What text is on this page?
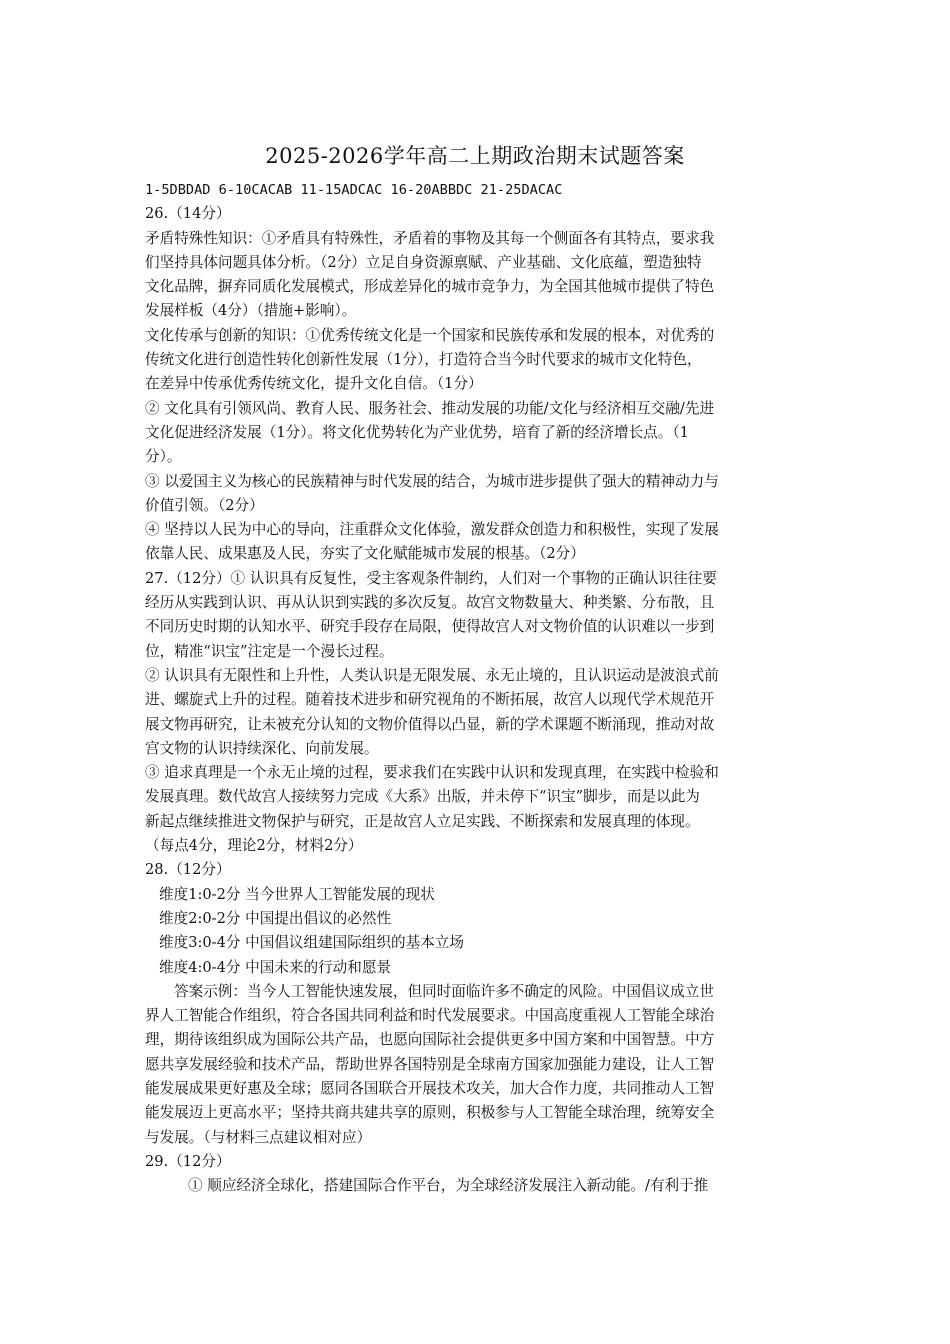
2025-2026学年高二上期政治期末试题答案
1-5DBDAD 6-10CACAB 11-15ADCAC 16-20ABBDC 21-25DACAC
26.（14分）
矛盾特殊性知识：①矛盾具有特殊性，矛盾着的事物及其每一个侧面各有其特点，要求我
们坚持具体问题具体分析。（2分）立足自身资源禀赋、产业基础、文化底蕴，塑造独特
文化品牌，摒弃同质化发展模式，形成差异化的城市竞争力，为全国其他城市提供了特色
发展样板（4分）（措施+影响）。
文化传承与创新的知识：①优秀传统文化是一个国家和民族传承和发展的根本，对优秀的
传统文化进行创造性转化创新性发展（1分），打造符合当今时代要求的城市文化特色，
在差异中传承优秀传统文化，提升文化自信。（1分）
② 文化具有引领风尚、教育人民、服务社会、推动发展的功能/文化与经济相互交融/先进
文化促进经济发展（1分）。将文化优势转化为产业优势，培育了新的经济增长点。（1
分）。
③ 以爱国主义为核心的民族精神与时代发展的结合，为城市进步提供了强大的精神动力与
价值引领。（2分）
④ 坚持以人民为中心的导向，注重群众文化体验，激发群众创造力和积极性，实现了发展
依靠人民、成果惠及人民，夯实了文化赋能城市发展的根基。（2分）
27.（12分）① 认识具有反复性，受主客观条件制约，人们对一个事物的正确认识往往要
经历从实践到认识、再从认识到实践的多次反复。故宫文物数量大、种类繁、分布散，且
不同历史时期的认知水平、研究手段存在局限，使得故宫人对文物价值的认识难以一步到
位，精准“识宝”注定是一个漫长过程。
② 认识具有无限性和上升性，人类认识是无限发展、永无止境的，且认识运动是波浪式前
进、螺旋式上升的过程。随着技术进步和研究视角的不断拓展，故宫人以现代学术规范开
展文物再研究，让未被充分认知的文物价值得以凸显，新的学术课题不断涌现，推动对故
宫文物的认识持续深化、向前发展。
③ 追求真理是一个永无止境的过程，要求我们在实践中认识和发现真理，在实践中检验和
发展真理。数代故宫人接续努力完成《大系》出版，并未停下“识宝”脚步，而是以此为
新起点继续推进文物保护与研究，正是故宫人立足实践、不断探索和发展真理的体现。
（每点4分，理论2分，材料2分）
28.（12分）
维度1:0-2分 当今世界人工智能发展的现状
维度2:0-2分 中国提出倡议的必然性
维度3:0-4分 中国倡议组建国际组织的基本立场
维度4:0-4分 中国未来的行动和愿景
答案示例：当今人工智能快速发展，但同时面临许多不确定的风险。中国倡议成立世
界人工智能合作组织，符合各国共同利益和时代发展要求。中国高度重视人工智能全球治
理，期待该组织成为国际公共产品，也愿向国际社会提供更多中国方案和中国智慧。中方
愿共享发展经验和技术产品，帮助世界各国特别是全球南方国家加强能力建设，让人工智
能发展成果更好惠及全球；愿同各国联合开展技术攻关，加大合作力度，共同推动人工智
能发展迈上更高水平；坚持共商共建共享的原则，积极参与人工智能全球治理，统筹安全
与发展。（与材料三点建议相对应）
29.（12分）
① 顺应经济全球化，搭建国际合作平台，为全球经济发展注入新动能。/有利于推
